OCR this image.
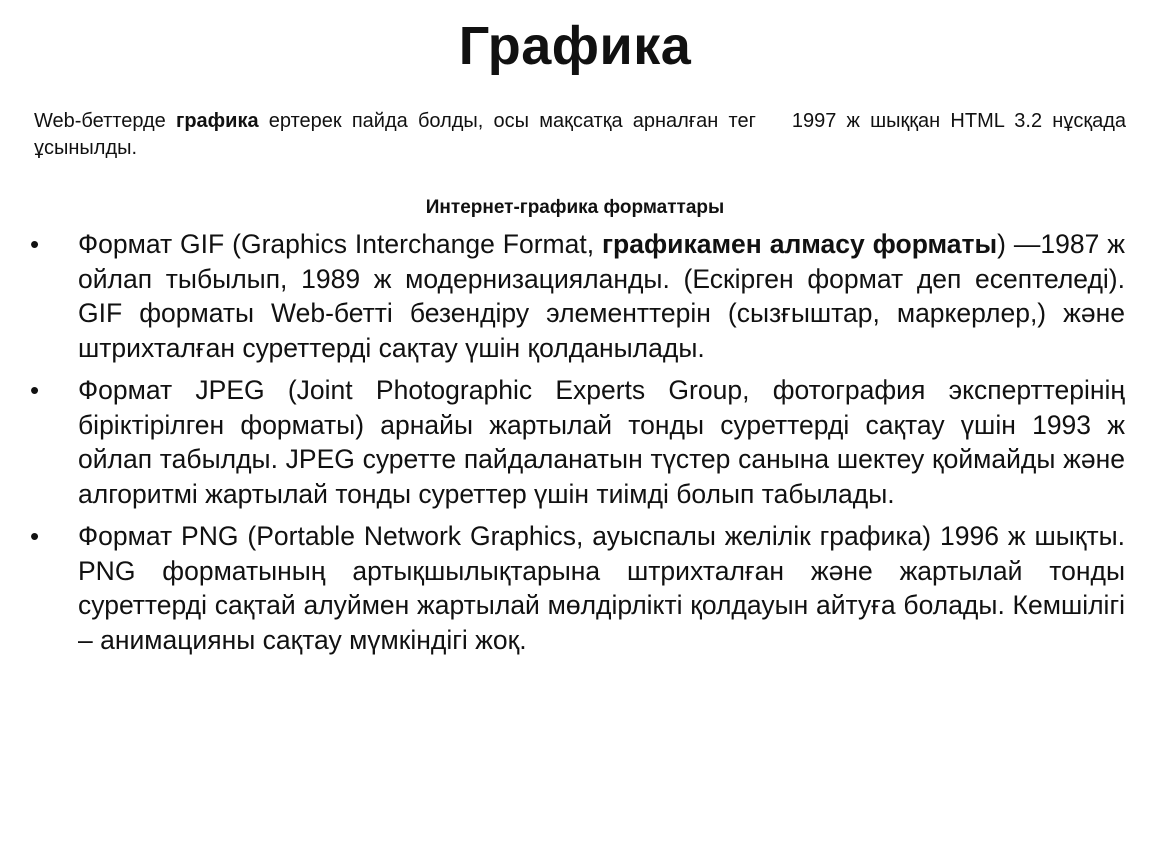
Графика
Web-беттерде графика ертерек пайда болды, осы мақсатқа арналған тег 1997 ж шыққан HTML 3.2 нұсқада ұсынылды.
Интернет-графика форматтары
•	Формат GIF (Graphics Interchange Format, графикамен алмасу форматы) —1987 ж ойлап тыбылып, 1989 ж модернизацияланды. (Ескірген формат деп есептеледі). GIF форматы Web-бетті безендіру элементтерін (сызғыштар, маркерлер,) және штрихталған суреттерді сақтау үшін қолданылады.
•	Формат JPEG (Joint Photographic Experts Group, фотография эксперттерінің біріктірілген форматы) арнайы жартылай тонды суреттерді сақтау үшін 1993 ж ойлап табылды. JPEG суретте пайдаланатын түстер санына шектеу қоймайды және алгоритмі жартылай тонды суреттер үшін тиімді болып табылады.
•	Формат PNG (Portable Network Graphics, ауыспалы желілік графика) 1996 ж шықты. PNG форматының артықшылықтарына штрихталған және жартылай тонды суреттерді сақтай алуймен жартылай мөлдірлікті қолдауын айтуға болады. Кемшілігі – анимацияны сақтау мүмкіндігі жоқ.
